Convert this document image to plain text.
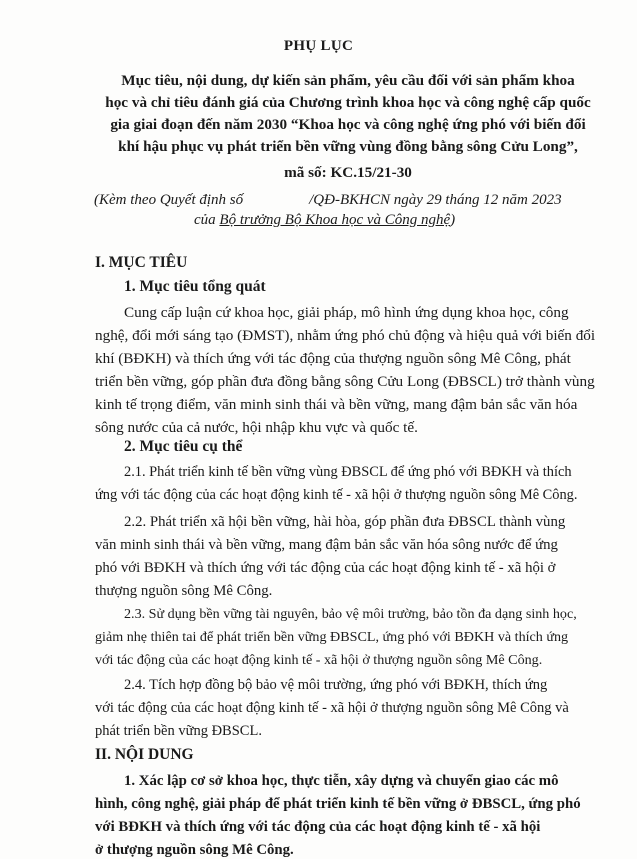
PHỤ LỤC
Mục tiêu, nội dung, dự kiến sản phẩm, yêu cầu đối với sản phẩm khoa
học và chỉ tiêu đánh giá của Chương trình khoa học và công nghệ cấp quốc
gia giai đoạn đến năm 2030 “Khoa học và công nghệ ứng phó với biến đổi
khí hậu phục vụ phát triển bền vững vùng đồng bằng sông Cửu Long”,
mã số: KC.15/21-30
(Kèm theo Quyết định số	/QĐ-BKHCN ngày 29 tháng 12 năm 2023
của Bộ trưởng Bộ Khoa học và Công nghệ)
I. MỤC TIÊU
1. Mục tiêu tổng quát
Cung cấp luận cứ khoa học, giải pháp, mô hình ứng dụng khoa học, công
nghệ, đổi mới sáng tạo (ĐMST), nhằm ứng phó chủ động và hiệu quả với biến đổi
khí (BĐKH) và thích ứng với tác động của thượng nguồn sông Mê Công, phát
triển bền vững, góp phần đưa đồng bằng sông Cửu Long (ĐBSCL) trở thành vùng
kinh tế trọng điểm, văn minh sinh thái và bền vững, mang đậm bản sắc văn hóa
sông nước của cả nước, hội nhập khu vực và quốc tế.
2. Mục tiêu cụ thể
2.1. Phát triển kinh tế bền vững vùng ĐBSCL để ứng phó với BĐKH và thích
ứng với tác động của các hoạt động kinh tế - xã hội ở thượng nguồn sông Mê Công.
2.2. Phát triển xã hội bền vững, hài hòa, góp phần đưa ĐBSCL thành vùng
văn minh sinh thái và bền vững, mang đậm bản sắc văn hóa sông nước để ứng
phó với BĐKH và thích ứng với tác động của các hoạt động kinh tế - xã hội ở
thượng nguồn sông Mê Công.
2.3. Sử dụng bền vững tài nguyên, bảo vệ môi trường, bảo tồn đa dạng sinh học,
giảm nhẹ thiên tai để phát triển bền vững ĐBSCL, ứng phó với BĐKH và thích ứng
với tác động của các hoạt động kinh tế - xã hội ở thượng nguồn sông Mê Công.
2.4. Tích hợp đồng bộ bảo vệ môi trường, ứng phó với BĐKH, thích ứng
với tác động của các hoạt động kinh tế - xã hội ở thượng nguồn sông Mê Công và
phát triển bền vững ĐBSCL.
II. NỘI DUNG
1. Xác lập cơ sở khoa học, thực tiễn, xây dựng và chuyển giao các mô
hình, công nghệ, giải pháp để phát triển kinh tế bền vững ở ĐBSCL, ứng phó
với BĐKH và thích ứng với tác động của các hoạt động kinh tế - xã hội
ở thượng nguồn sông Mê Công.
